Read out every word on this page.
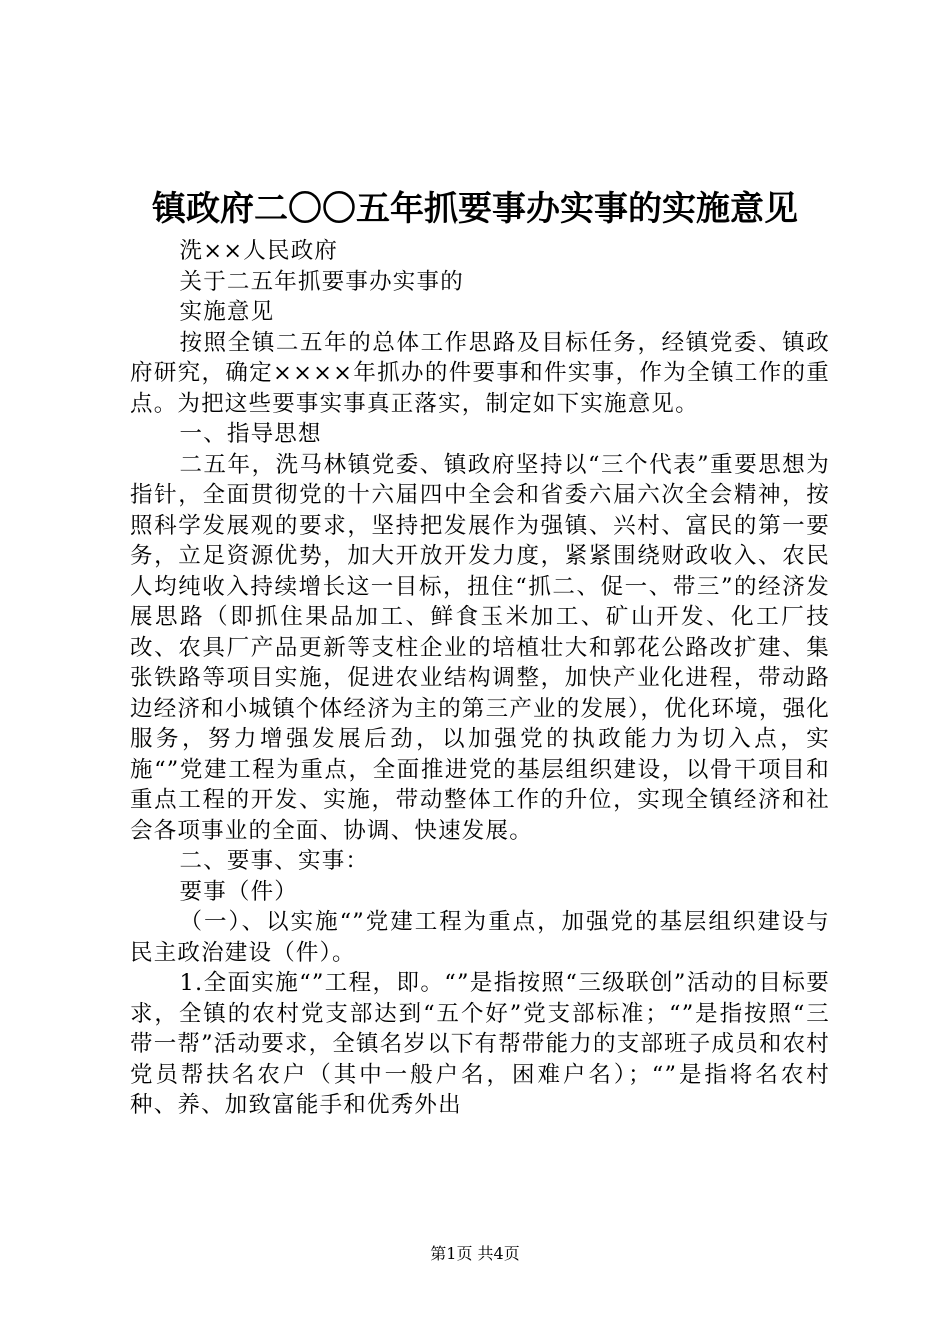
镇政府二〇〇五年抓要事办实事的实施意见

洗××人民政府

关于二五年抓要事办实事的

实施意见

按照全镇二五年的总体工作思路及目标任务，经镇党委、镇政府研究，确定××××年抓办的件要事和件实事，作为全镇工作的重点。为把这些要事实事真正落实，制定如下实施意见。

一、指导思想

二五年，洗马林镇党委、镇政府坚持以“三个代表”重要思想为指针，全面贯彻党的十六届四中全会和省委六届六次全会精神，按照科学发展观的要求，坚持把发展作为强镇、兴村、富民的第一要务，立足资源优势，加大开放开发力度，紧紧围绕财政收入、农民人均纯收入持续增长这一目标，扭住“抓二、促一、带三”的经济发展思路（即抓住果品加工、鲜食玉米加工、矿山开发、化工厂技改、农具厂产品更新等支柱企业的培植壮大和郭花公路改扩建、集张铁路等项目实施，促进农业结构调整，加快产业化进程，带动路边经济和小城镇个体经济为主的第三产业的发展），优化环境，强化服务，努力增强发展后劲，以加强党的执政能力为切入点，实施“”党建工程为重点，全面推进党的基层组织建设，以骨干项目和重点工程的开发、实施，带动整体工作的升位，实现全镇经济和社会各项事业的全面、协调、快速发展。

二、要事、实事：

要事（件）

（一）、以实施“”党建工程为重点，加强党的基层组织建设与民主政治建设（件）。

1.全面实施“”工程，即。“”是指按照“三级联创”活动的目标要求，全镇的农村党支部达到“五个好”党支部标准；“”是指按照“三带一帮”活动要求，全镇名岁以下有帮带能力的支部班子成员和农村党员帮扶名农户（其中一般户名，困难户名）；“”是指将名农村种、养、加致富能手和优秀外出

第1页 共4页
